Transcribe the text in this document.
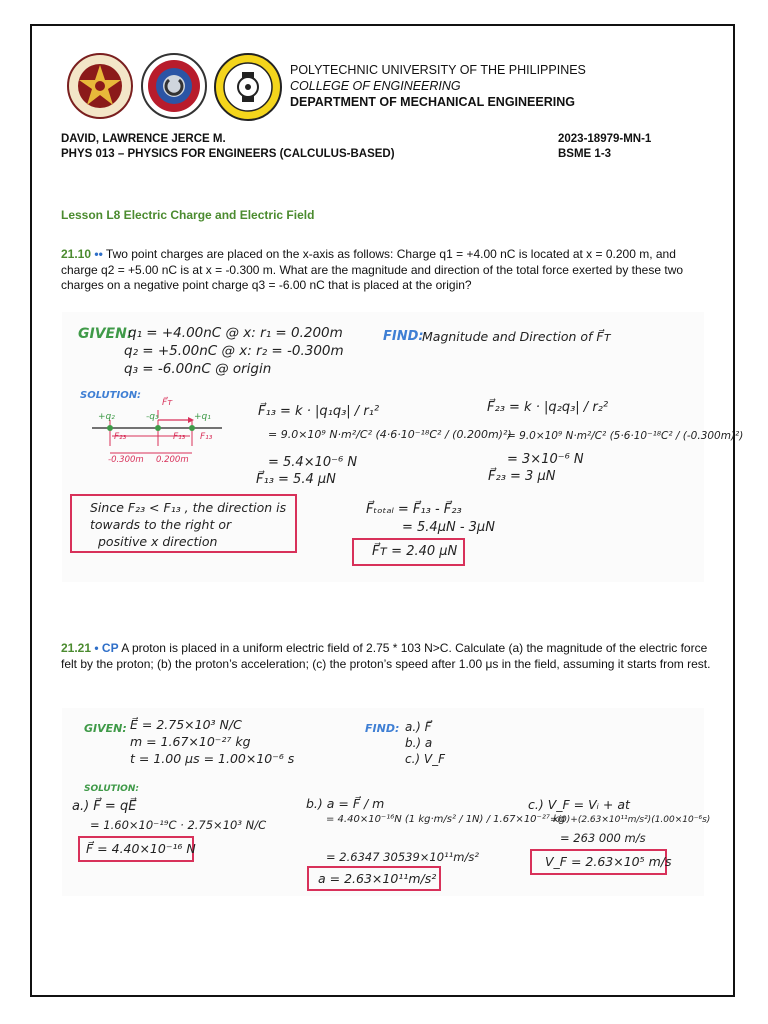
POLYTECHNIC UNIVERSITY OF THE PHILIPPINES
COLLEGE OF ENGINEERING
DEPARTMENT OF MECHANICAL ENGINEERING
DAVID, LAWRENCE JERCE M.
PHYS 013 – PHYSICS FOR ENGINEERS (CALCULUS-BASED)
2023-18979-MN-1
BSME 1-3
Lesson L8 Electric Charge and Electric Field
21.10 •• Two point charges are placed on the x-axis as follows: Charge q1 = +4.00 nC is located at x = 0.200 m, and charge q2 = +5.00 nC is at x = -0.300 m. What are the magnitude and direction of the total force exerted by these two charges on a negative point charge q3 = -6.00 nC that is placed at the origin?
GIVEN:
q₁ = +4.00nC @ x: r₁ = 0.200m
q₂ = +5.00nC @ x: r₂ = -0.300m
q₃ = -6.00nC @ origin
FIND:
Magnitude and Direction of F⃗ᴛ
SOLUTION:
+q₂	-q₃	+q₁
F⃗ᴛ
F₂₃	F₁₃ F₁₃
-0.300m 0.200m
F⃗₁₃ = k · |q₁q₃| / r₁²
= 9.0×10⁹ N·m²/C² (4·6·10⁻¹⁸C² / (0.200m)²)
= 5.4×10⁻⁶ N
F⃗₁₃ = 5.4 μN
F⃗₂₃ = k · |q₂q₃| / r₂²
= 9.0×10⁹ N·m²/C² (5·6·10⁻¹⁸C² / (-0.300m)²)
= 3×10⁻⁶ N
F⃗₂₃ = 3 μN
Since F₂₃ < F₁₃ , the direction is
towards to the right or
positive x direction
F⃗ₜₒₜₐₗ = F⃗₁₃ - F⃗₂₃
= 5.4μN - 3μN
F⃗ᴛ = 2.40 μN
21.21 • CP A proton is placed in a uniform electric field of 2.75 * 103 N>C. Calculate (a) the magnitude of the electric force felt by the proton; (b) the proton’s acceleration; (c) the proton’s speed after 1.00 μs in the field, assuming it starts from rest.
GIVEN: E⃗ = 2.75×10³ N/C
m = 1.67×10⁻²⁷ kg
t = 1.00 μs = 1.00×10⁻⁶ s
FIND: a.) F⃗
b.) a
c.) V_F
SOLUTION:
a.) F⃗ = qE⃗
= 1.60×10⁻¹⁹C · 2.75×10³ N/C
F⃗ = 4.40×10⁻¹⁶ N
b.) a = F⃗ / m
= 4.40×10⁻¹⁶N (1 kg·m/s² / 1N) / 1.67×10⁻²⁷ kg
= 2.6347 30539×10¹¹m/s²
a = 2.63×10¹¹m/s²
c.) V_F = Vᵢ + at
=(0)+(2.63×10¹¹m/s²)(1.00×10⁻⁶s)
= 263 000 m/s
V_F = 2.63×10⁵ m/s
